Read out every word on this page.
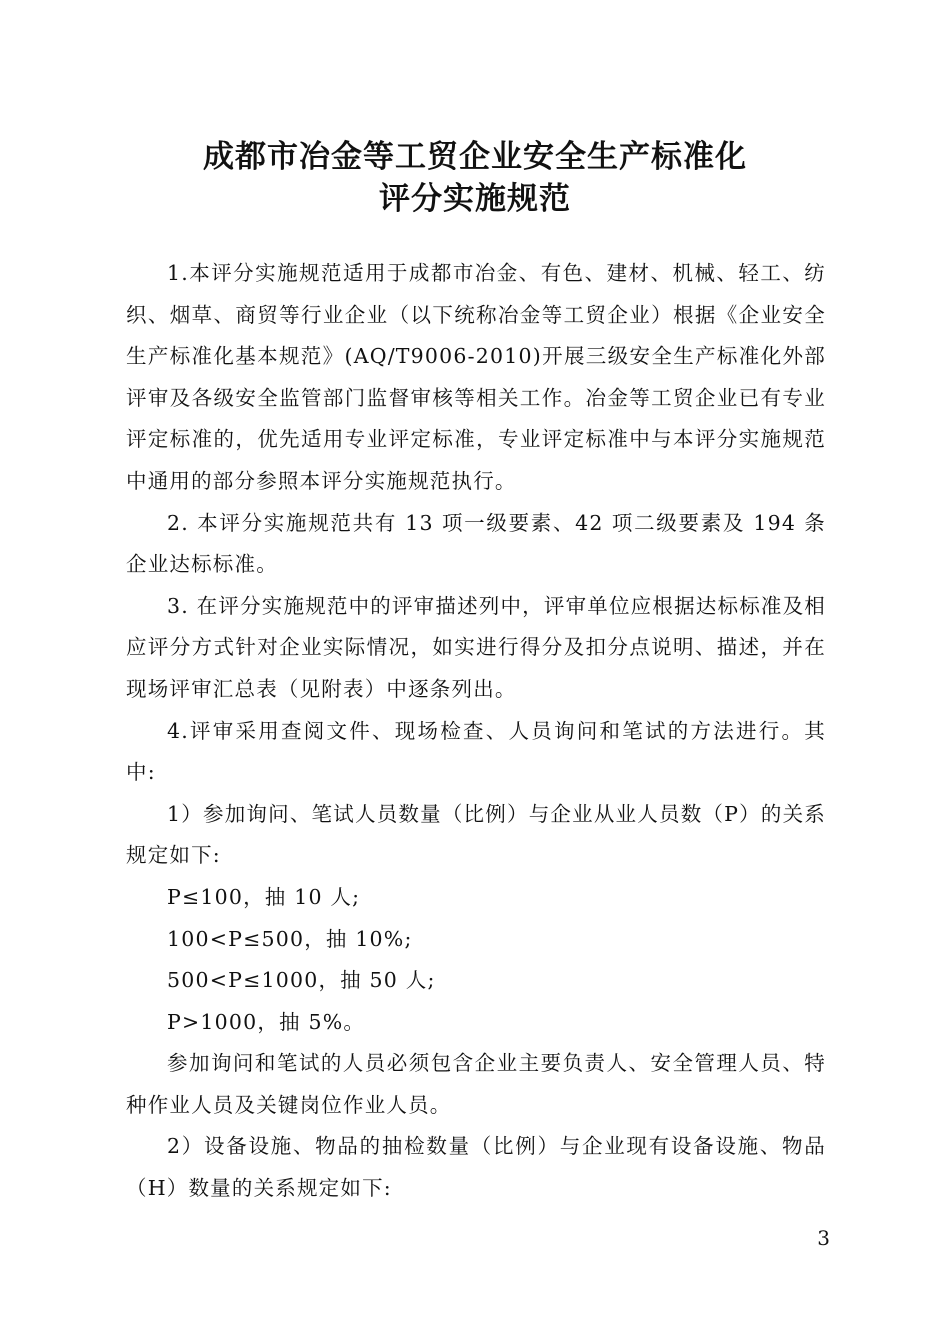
成都市冶金等工贸企业安全生产标准化
评分实施规范

1.本评分实施规范适用于成都市冶金、有色、建材、机械、轻工、纺织、烟草、商贸等行业企业（以下统称冶金等工贸企业）根据《企业安全生产标准化基本规范》(AQ/T9006-2010)开展三级安全生产标准化外部评审及各级安全监管部门监督审核等相关工作。冶金等工贸企业已有专业评定标准的，优先适用专业评定标准，专业评定标准中与本评分实施规范中通用的部分参照本评分实施规范执行。

2. 本评分实施规范共有 13 项一级要素、42 项二级要素及 194 条企业达标标准。

3. 在评分实施规范中的评审描述列中，评审单位应根据达标标准及相应评分方式针对企业实际情况，如实进行得分及扣分点说明、描述，并在现场评审汇总表（见附表）中逐条列出。

4.评审采用查阅文件、现场检查、人员询问和笔试的方法进行。其中:

1）参加询问、笔试人员数量（比例）与企业从业人员数（P）的关系规定如下:

P≤100，抽 10 人;

100<P≤500，抽 10%;

500<P≤1000，抽 50 人;

P>1000，抽 5%。

参加询问和笔试的人员必须包含企业主要负责人、安全管理人员、特种作业人员及关键岗位作业人员。

2）设备设施、物品的抽检数量（比例）与企业现有设备设施、物品（H）数量的关系规定如下:

3
